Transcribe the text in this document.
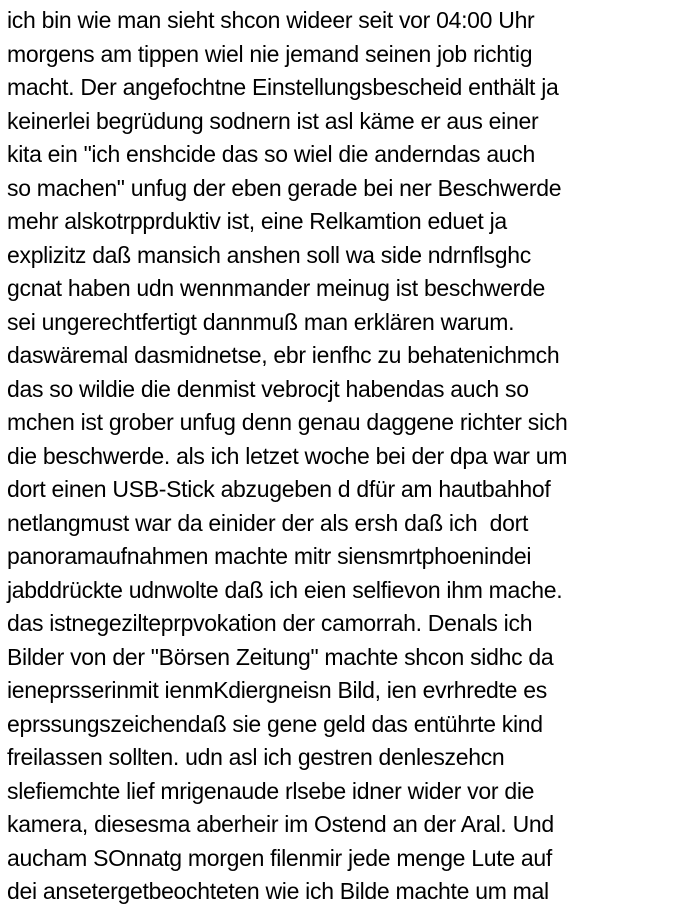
ich bin wie man sieht shcon wideer seit vor 04:00 Uhr
morgens am tippen wiel nie jemand seinen job richtig
macht. Der angefochtne Einstellungsbescheid enthält ja
keinerlei begrüdung sodnern ist asl käme er aus einer
kita ein "ich enshcide das so wiel die anderndas auch
so machen" unfug der eben gerade bei ner Beschwerde
mehr alskotrpprduktiv ist, eine Relkamtion eduet ja
explizitz daß mansich anshen soll wa side ndrnflsghc
gcnat haben udn wennmander meinug ist beschwerde
sei ungerechtfertigt dannmuß man erklären warum.
daswäremal dasmidnetse, ebr ienfhc zu behatenichmch
das so wildie die denmist vebrocjt habendas auch so
mchen ist grober unfug denn genau daggene richter sich
die beschwerde. als ich letzet woche bei der dpa war um
dort einen USB-Stick abzugeben d dfür am hautbahhof
netlangmust war da einider der als ersh daß ich  dort
panoramaufnahmen machte mitr siensmrtphoenindei
jabddrückte udnwolte daß ich eien selfievon ihm mache.
das istnegezilteprpvokation der camorrah. Denals ich
Bilder von der "Börsen Zeitung" machte shcon sidhc da
ieneprsserinmit ienmKdiergneisn Bild, ien evrhredte es
eprssungszeichendaß sie gene geld das entührte kind
freilassen sollten. udn asl ich gestren denleszehcn
slefiemchte lief mrigenaude rlsebe idner wider vor die
kamera, diesesma aberheir im Ostend an der Aral. Und
aucham SOnnatg morgen filenmir jede menge Lute auf
dei ansetergetbeochteten wie ich Bilde machte um mal
